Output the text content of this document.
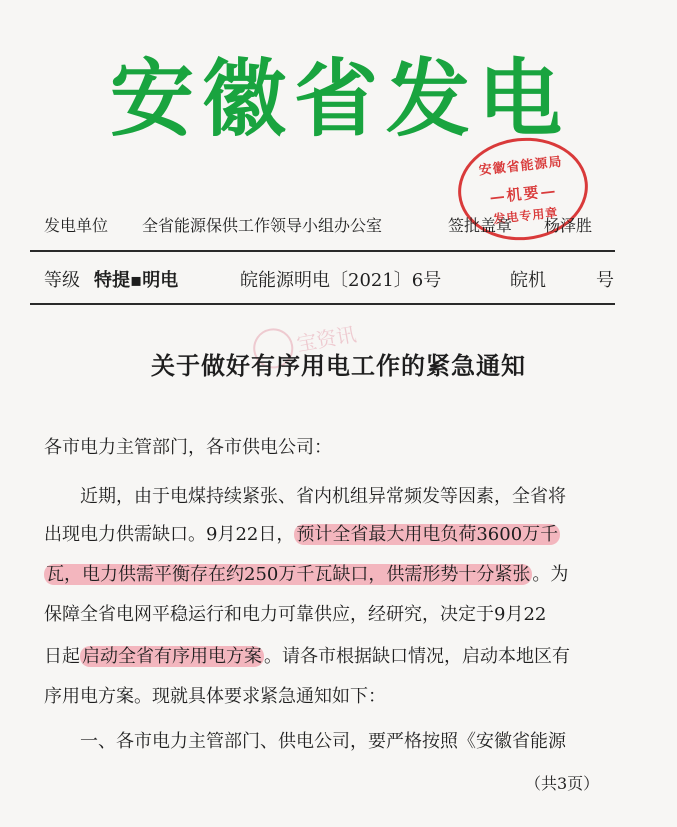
安徽省发电
安徽省能源局
—机要—
发电专用章
发电单位 全省能源保供工作领导小组办公室	签批盖章 杨泽胜
等级 特提▪明电	皖能源明电〔2021〕6号	皖机	号
宝资讯
关于做好有序用电工作的紧急通知
各市电力主管部门，各市供电公司：
近期，由于电煤持续紧张、省内机组异常频发等因素，全省将
出现电力供需缺口。9月22日， 预计全省最大用电负荷3600万千
瓦，电力供需平衡存在约250万千瓦缺口，供需形势十分紧张 。为
保障全省电网平稳运行和电力可靠供应，经研究，决定于9月22
日起 启动全省有序用电方案 。请各市根据缺口情况，启动本地区有
序用电方案。现就具体要求紧急通知如下：
一、各市电力主管部门、供电公司，要严格按照《安徽省能源
（共3页）
